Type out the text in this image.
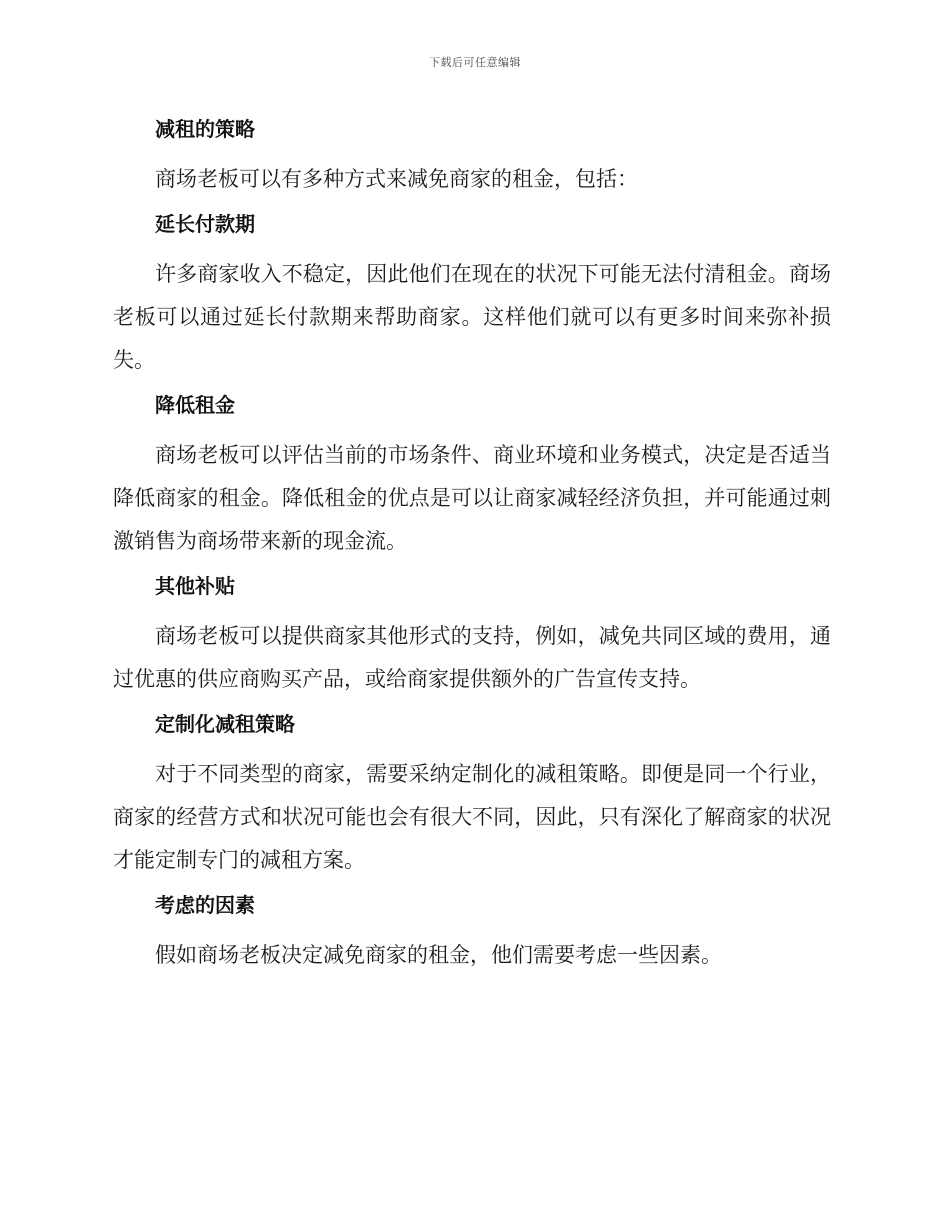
下载后可任意编辑
减租的策略

商场老板可以有多种方式来减免商家的租金，包括：

延长付款期

许多商家收入不稳定，因此他们在现在的状况下可能无法付清租金。商场老板可以通过延长付款期来帮助商家。这样他们就可以有更多时间来弥补损失。

降低租金

商场老板可以评估当前的市场条件、商业环境和业务模式，决定是否适当降低商家的租金。降低租金的优点是可以让商家减轻经济负担，并可能通过刺激销售为商场带来新的现金流。

其他补贴

商场老板可以提供商家其他形式的支持，例如，减免共同区域的费用，通过优惠的供应商购买产品，或给商家提供额外的广告宣传支持。

定制化减租策略

对于不同类型的商家，需要采纳定制化的减租策略。即便是同一个行业，商家的经营方式和状况可能也会有很大不同，因此，只有深化了解商家的状况才能定制专门的减租方案。

考虑的因素

假如商场老板决定减免商家的租金，他们需要考虑一些因素。
